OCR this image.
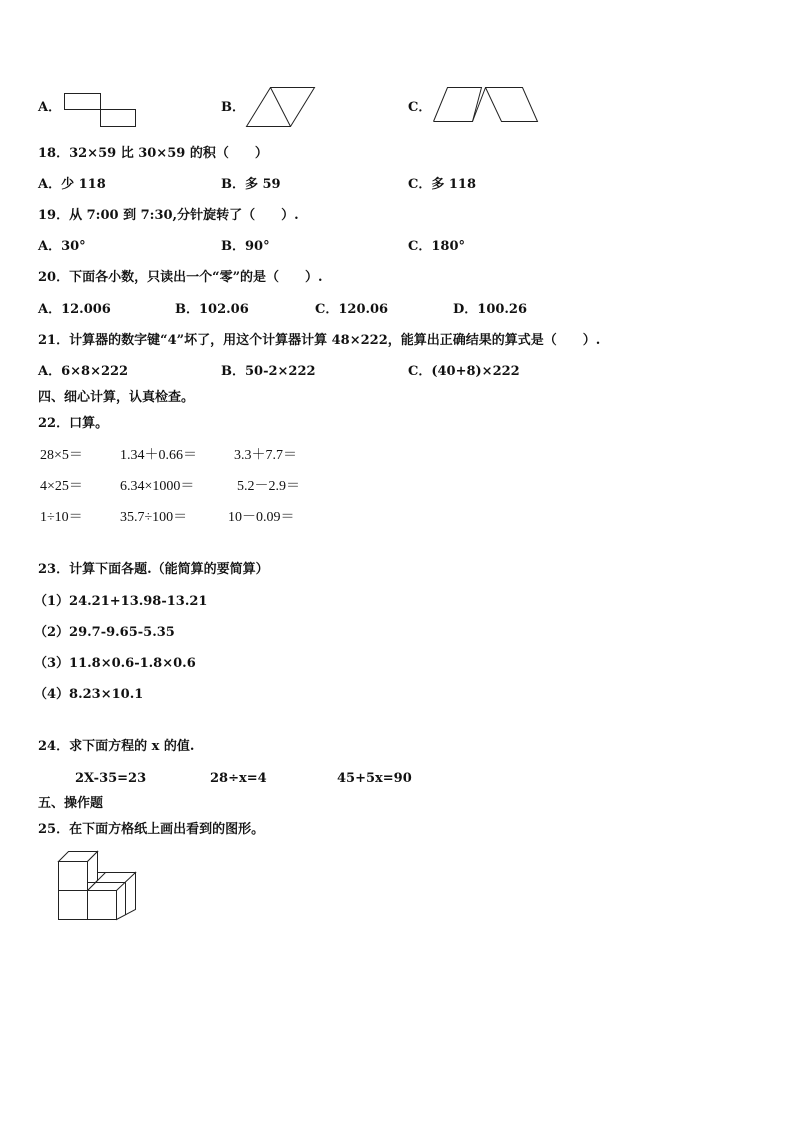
A．	B．	C．
18．32×59 比 30×59 的积（　　）
A．少 118	B．多 59	C．多 118
19．从 7:00 到 7:30,分针旋转了（　　）.
A．30°	B．90°	C．180°
20．下面各小数，只读出一个“零”的是（　　）.
A．12.006	B．102.06	C．120.06	D．100.26
21．计算器的数字键“4”坏了，用这个计算器计算 48×222，能算出正确结果的算式是（　　）.
A．6×8×222	B．50-2×222	C．(40+8)×222
四、细心计算，认真检查。
22．口算。
28×5＝	1.34＋0.66＝	3.3＋7.7＝
4×25＝	6.34×1000＝	5.2－2.9＝
1÷10＝	35.7÷100＝	10－0.09＝
23．计算下面各题.（能简算的要简算）
（1）24.21+13.98-13.21
（2）29.7-9.65-5.35
（3）11.8×0.6-1.8×0.6
（4）8.23×10.1
24．求下面方程的 x 的值.
2X-35=23	28÷x=4	45+5x=90
五、操作题
25．在下面方格纸上画出看到的图形。
